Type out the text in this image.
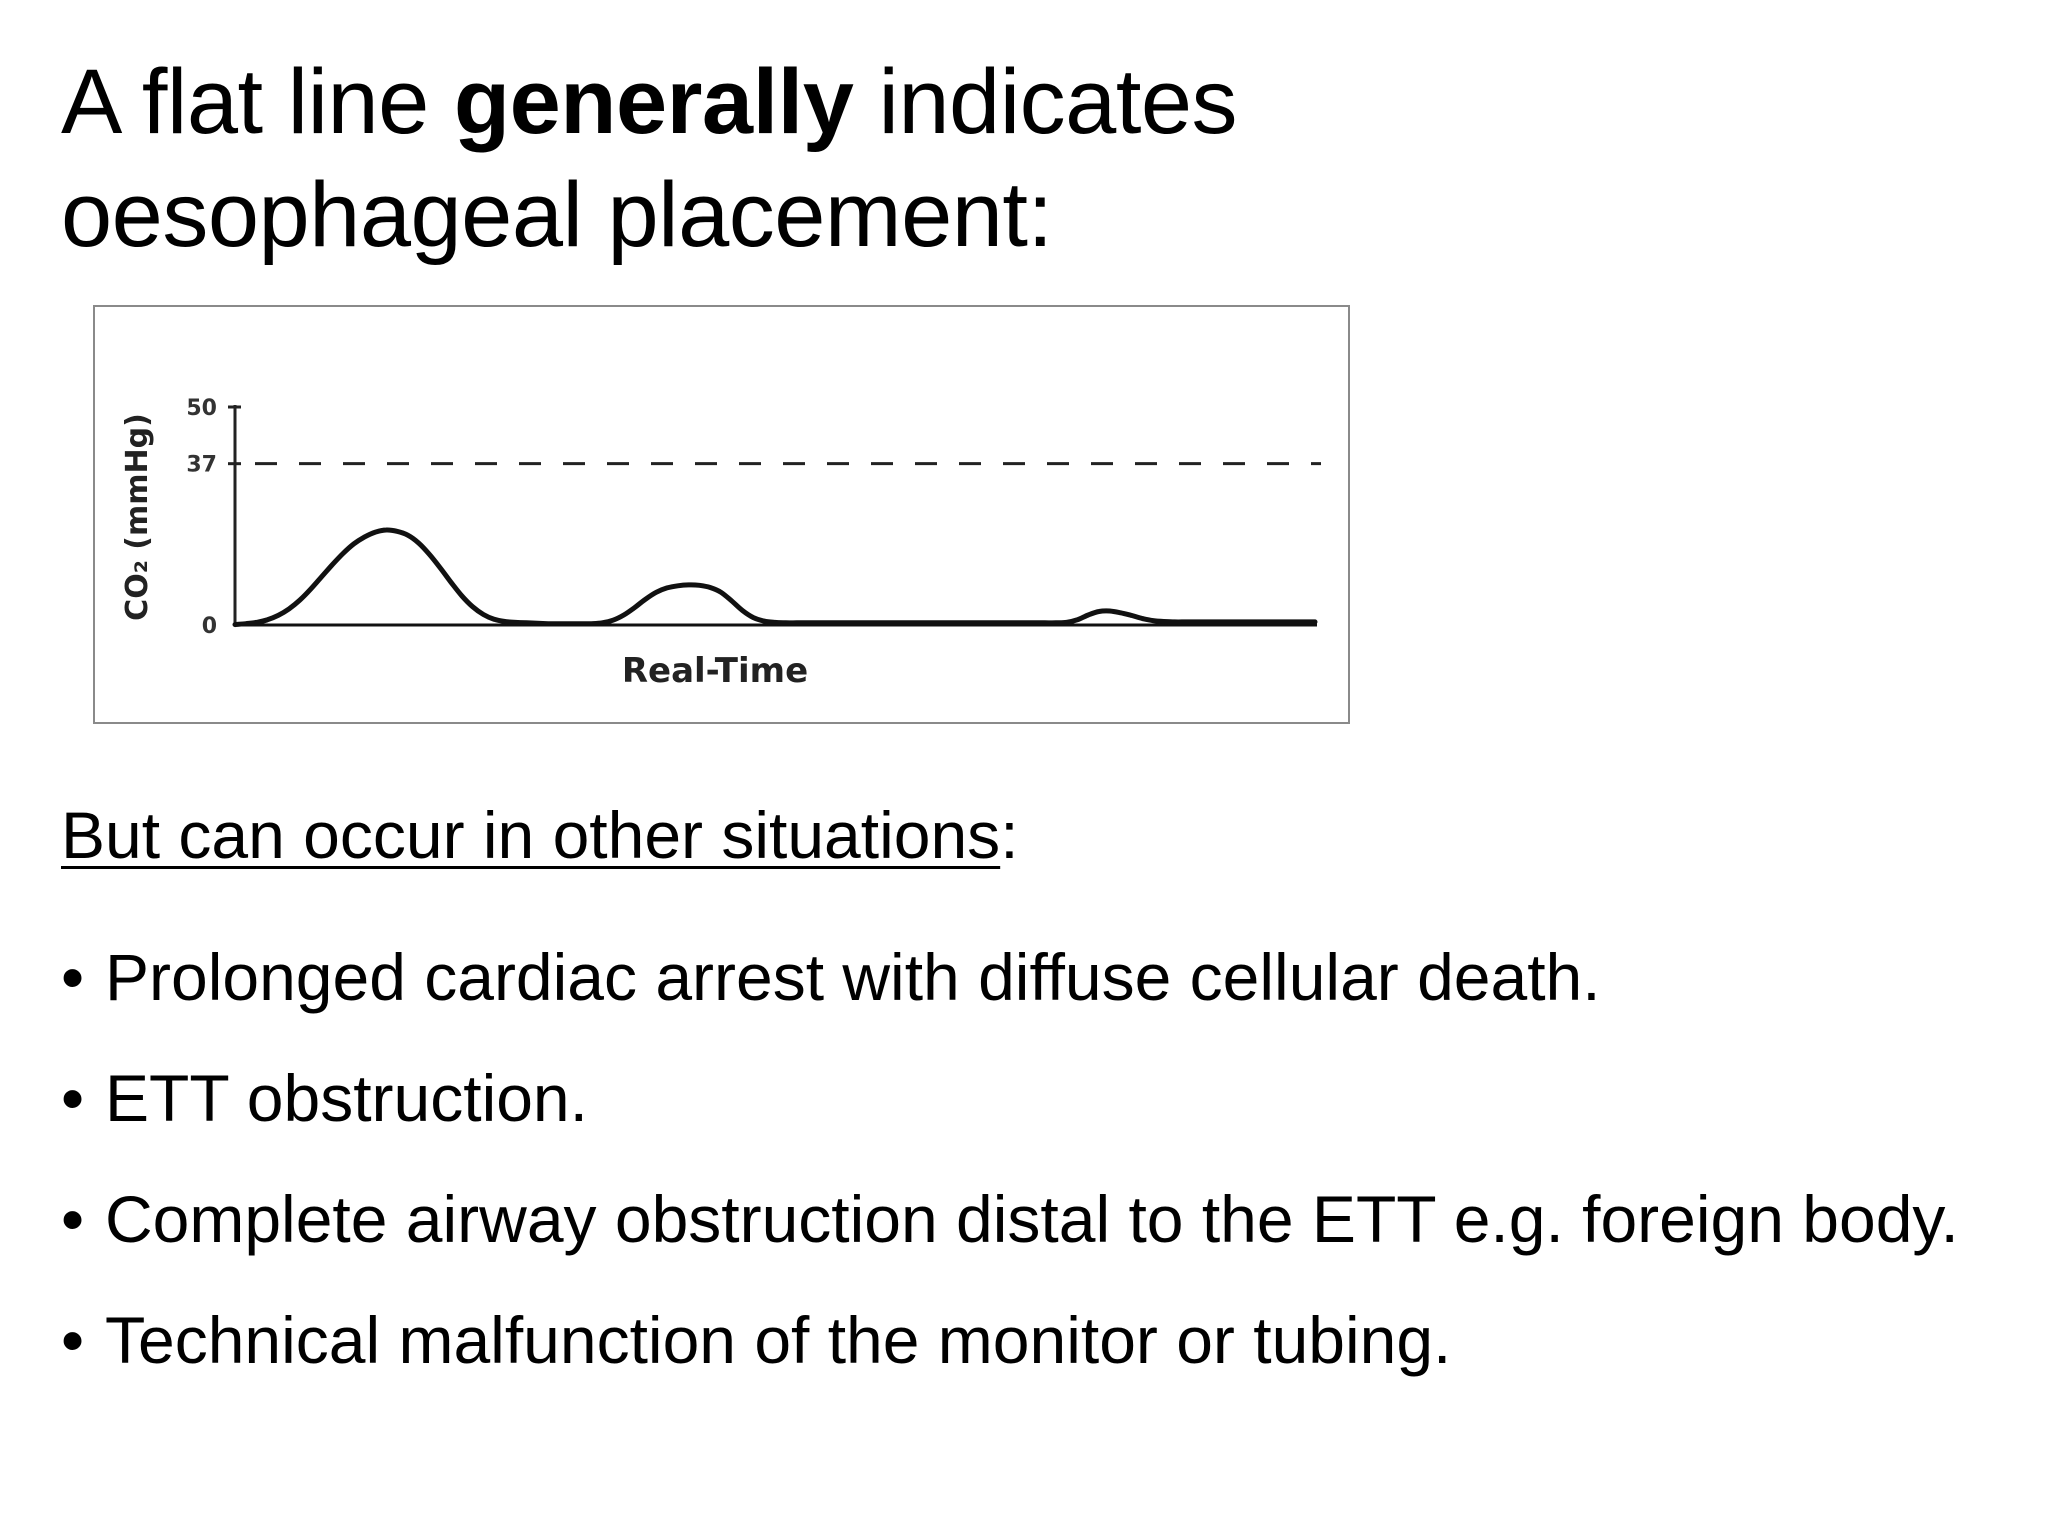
A flat line generally indicates
oesophageal placement:
0
37
50
CO₂ (mmHg)
Real-Time

But can occur in other situations:

• Prolonged cardiac arrest with diffuse cellular death.
• ETT obstruction.
• Complete airway obstruction distal to the ETT e.g. foreign body.
• Technical malfunction of the monitor or tubing.
